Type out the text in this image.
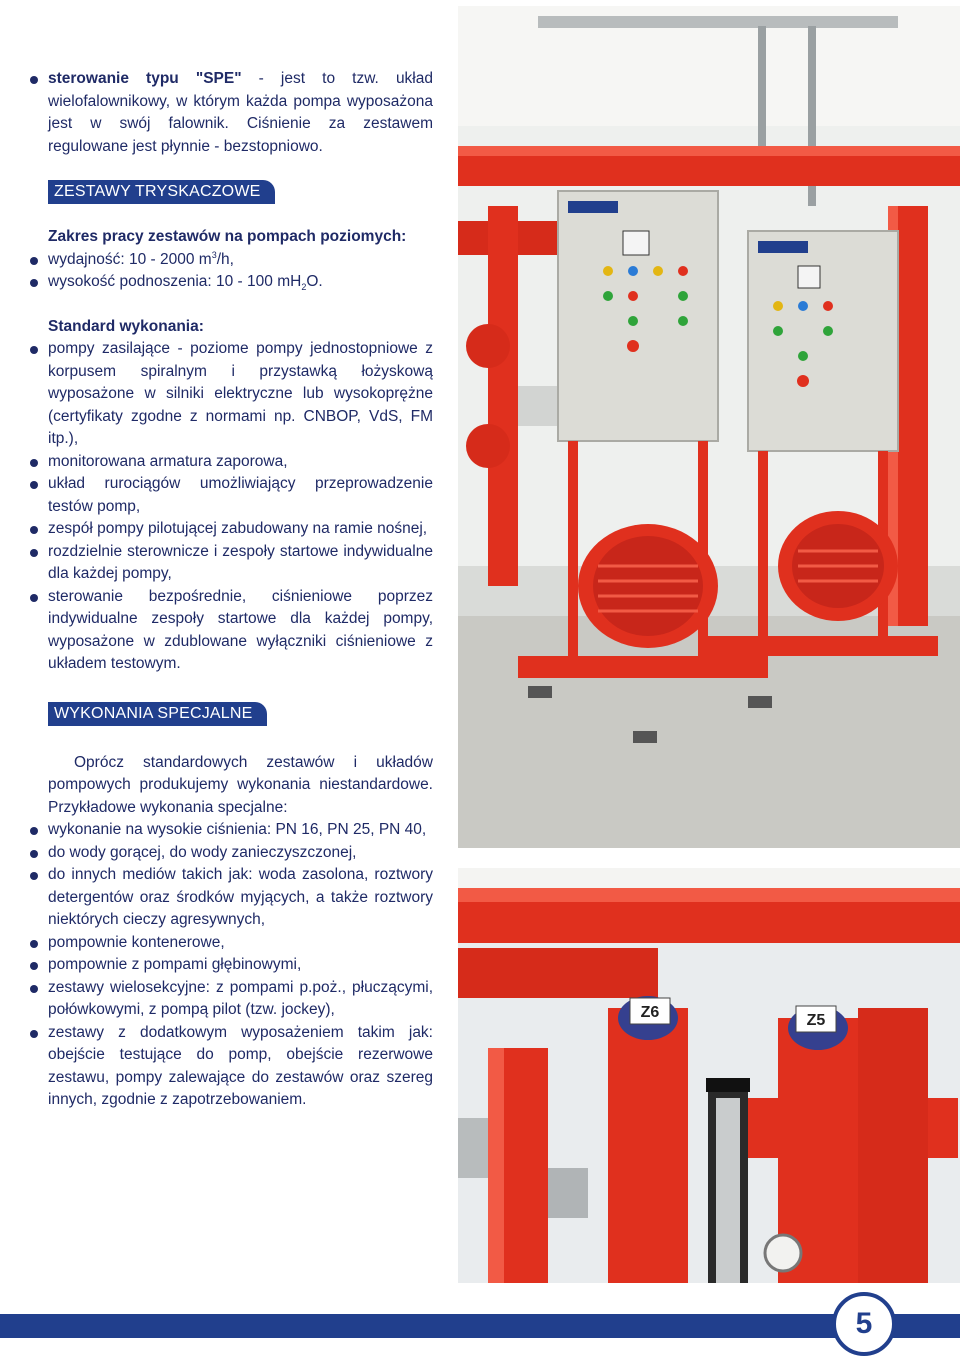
sterowanie typu "SPE" - jest to tzw. układ wielofalownikowy, w którym każda pompa wyposażona jest w swój falownik. Ciśnienie za zestawem regulowane jest płynnie - bezstopniowo.

ZESTAWY TRYSKACZOWE

Zakres pracy zestawów na pompach poziomych:

wydajność: 10 - 2000 $m^3/h$,

wysokość podnoszenia: 10 - 100 $mH_2O$.

Standard wykonania:

pompy zasilające - poziome pompy jednostopniowe z korpusem spiralnym i przystawką łożyskową wyposażone w silniki elektryczne lub wysokoprężne (certyfikaty zgodne z normami np. CNBOP, VdS, FM itp.),

monitorowana armatura zaporowa,

układ rurociągów umożliwiający przeprowadzenie testów pomp,

zespół pompy pilotującej zabudowany na ramie nośnej,

rozdzielnie sterownicze i zespoły startowe indywidualne dla każdej pompy,

sterowanie bezpośrednie, ciśnieniowe poprzez indywidualne zespoły startowe dla każdej pompy, wyposażone w zdublowane wyłączniki ciśnieniowe z układem testowym.

WYKONANIA SPECJALNE

Oprócz standardowych zestawów i układów pompowych produkujemy wykonania niestandardowe. Przykładowe wykonania specjalne:

wykonanie na wysokie ciśnienia: PN 16, PN 25, PN 40,

do wody gorącej, do wody zanieczyszczonej,

do innych mediów takich jak: woda zasolona, roztwory detergentów oraz środków myjących, a także roztwory niektórych cieczy agresywnych,

pompownie kontenerowe,

pompownie z pompami głębinowymi,

zestawy wielosekcyjne: z pompami p.poż., płuczącymi, połówkowymi, z pompą pilot (tzw. jockey),

zestawy z dodatkowym wyposażeniem takim jak: obejście testujące do pomp, obejście rezerwowe zestawu, pompy zalewające do zestawów oraz szereg innych, zgodnie z zapotrzebowaniem.

Z6	Z5
5
